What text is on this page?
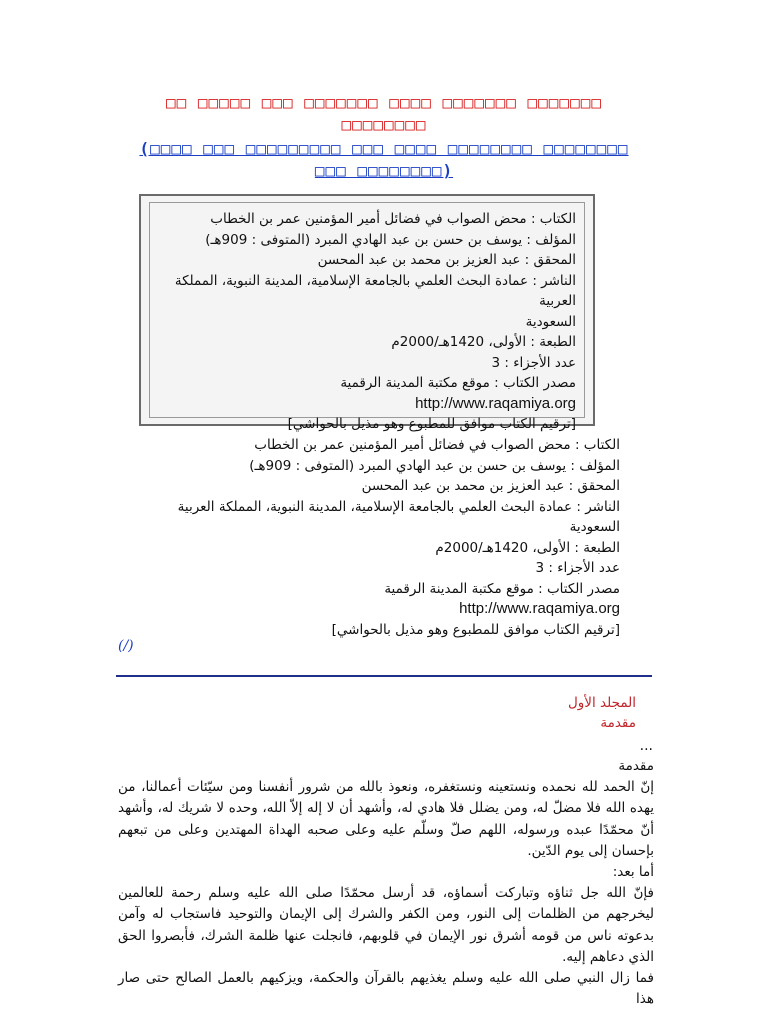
□□□□□□□ □□□□□□□ □□□□ □□□□□□□ □□□ □□□□□ □□
□□□□□□□□
□□□□□□□□ □□□□□□□□ □□□□ □□□ □□□□□□□□□ □□□ □□□□)
(□□□□□□□□ □□□
الكتاب : محض الصواب في فضائل أمير المؤمنين عمر بن الخطاب
المؤلف : يوسف بن حسن بن عبد الهادي المبرد (المتوفى : 909هـ)
المحقق : عبد العزيز بن محمد بن عبد المحسن
الناشر : عمادة البحث العلمي بالجامعة الإسلامية، المدينة النبوية، المملكة العربية
السعودية
الطبعة : الأولى، 1420هـ/2000م
عدد الأجزاء : 3
مصدر الكتاب : موقع مكتبة المدينة الرقمية
http://www.raqamiya.org
[ترقيم الكتاب موافق للمطبوع وهو مذيل بالحواشي]
الكتاب : محض الصواب في فضائل أمير المؤمنين عمر بن الخطاب
المؤلف : يوسف بن حسن بن عبد الهادي المبرد (المتوفى : 909هـ)
المحقق : عبد العزيز بن محمد بن عبد المحسن
الناشر : عمادة البحث العلمي بالجامعة الإسلامية، المدينة النبوية، المملكة العربية السعودية
الطبعة : الأولى، 1420هـ/2000م
عدد الأجزاء : 3
مصدر الكتاب : موقع مكتبة المدينة الرقمية
http://www.raqamiya.org
[ترقيم الكتاب موافق للمطبوع وهو مذيل بالحواشي]
(/)
المجلد الأول
مقدمة
...

مقدمة

إنّ الحمد لله نحمده ونستعينه ونستغفره، ونعوذ بالله من شرور أنفسنا ومن سيّئات أعمالنا، من يهده الله فلا مضلّ له، ومن يضلل فلا هادي له، وأشهد أن لا إله إلاّ الله، وحده لا شريك له، وأشهد أنّ محمّدًا عبده ورسوله، اللهم صلّ وسلّم عليه وعلى صحبه الهداة المهتدين وعلى من تبعهم بإحسان إلى يوم الدّين.

أما بعد:

فإنّ الله جل ثناؤه وتباركت أسماؤه، قد أرسل محمّدًا صلى الله عليه وسلم رحمة للعالمين ليخرجهم من الظلمات إلى النور، ومن الكفر والشرك إلى الإيمان والتوحيد فاستجاب له وآمن بدعوته ناس من قومه أشرق نور الإيمان في قلوبهم، فانجلت عنها ظلمة الشرك، فأبصروا الحق الذي دعاهم إليه.

فما زال النبي صلى الله عليه وسلم يغذيهم بالقرآن والحكمة، ويزكيهم بالعمل الصالح حتى صار هذا
